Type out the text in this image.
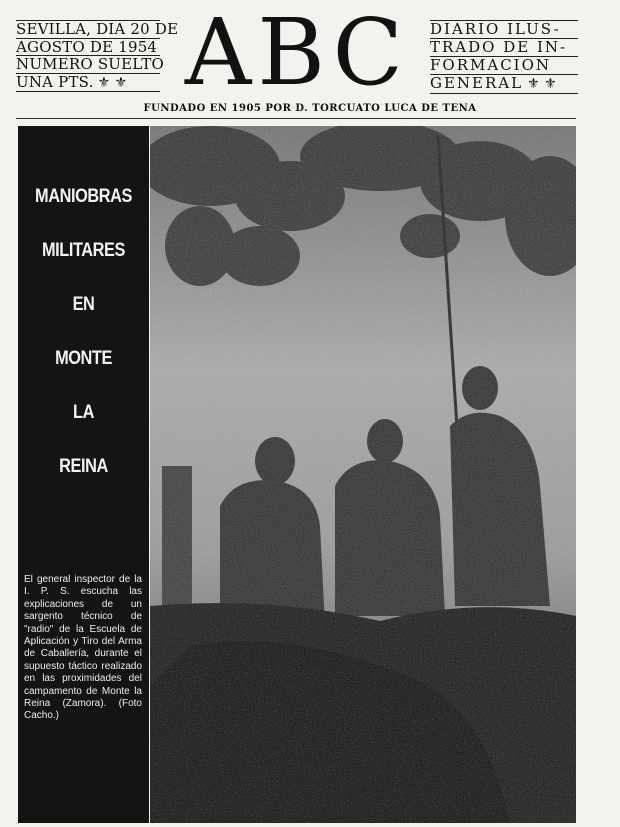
SEVILLA, DIA 20 DE
AGOSTO DE 1954
NUMERO SUELTO
UNA PTS. ⚜ ⚜ ABC	DIARIO ILUS-
TRADO DE IN-
FORMACION
GENERAL ⚜ ⚜
FUNDADO EN 1905 POR D. TORCUATO LUCA DE TENA
MANIOBRAS
MILITARES
EN
MONTE
LA
REINA
El general inspector de la I. P. S. escucha las explicaciones de un sargento técnico de "radio" de la Escuela de Aplicación y Tiro del Arma de Caballería, durante el supuesto táctico realizado en las proximidades del campamento de Monte la Reina (Zamora). (Foto Cacho.)
